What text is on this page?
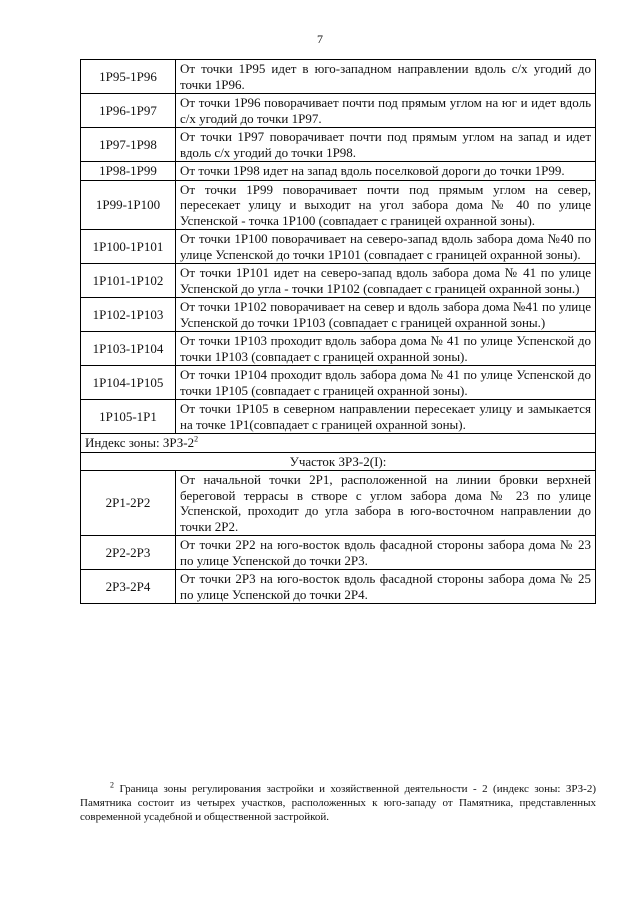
7
1Р95-1Р96	От точки 1Р95 идет в юго-западном направлении вдоль с/х угодий до точки 1Р96.
1Р96-1Р97	От точки 1Р96 поворачивает почти под прямым углом на юг и идет вдоль с/х угодий до точки 1Р97.
1Р97-1Р98	От точки 1Р97 поворачивает почти под прямым углом на запад и идет вдоль с/х угодий до точки 1Р98.
1Р98-1Р99	От точки 1Р98 идет на запад вдоль поселковой дороги до точки 1Р99.
1Р99-1Р100	От точки 1Р99 поворачивает почти под прямым углом на север, пересекает улицу и выходит на угол забора дома № 40 по улице Успенской - точка 1Р100 (совпадает с границей охранной зоны).
1Р100-1Р101	От точки 1Р100 поворачивает на северо-запад вдоль забора дома №40 по улице Успенской до точки 1Р101 (совпадает с границей охранной зоны).
1Р101-1Р102	От точки 1Р101 идет на северо-запад вдоль забора дома № 41 по улице Успенской до угла - точки 1Р102 (совпадает с границей охранной зоны.)
1Р102-1Р103	От точки 1Р102 поворачивает на север и вдоль забора дома №41 по улице Успенской до точки 1Р103 (совпадает с границей охранной зоны.)
1Р103-1Р104	От точки 1Р103 проходит вдоль забора дома № 41 по улице Успенской до точки 1Р103 (совпадает с границей охранной зоны).
1Р104-1Р105	От точки 1Р104 проходит вдоль забора дома № 41 по улице Успенской до точки 1Р105 (совпадает с границей охранной зоны).
1Р105-1Р1	От точки 1Р105 в северном направлении пересекает улицу и замыкается на точке 1Р1(совпадает с границей охранной зоны).
Индекс зоны: ЗРЗ-$2^2$
Участок ЗРЗ-2(I):	
2Р1-2Р2	От начальной точки 2Р1, расположенной на линии бровки верхней береговой террасы в створе с углом забора дома № 23 по улице Успенской, проходит до угла забора в юго-восточном направлении до точки 2Р2.
2Р2-2Р3	От точки 2Р2 на юго-восток вдоль фасадной стороны забора дома № 23 по улице Успенской до точки 2Р3.
2Р3-2Р4	От точки 2Р3 на юго-восток вдоль фасадной стороны забора дома № 25 по улице Успенской до точки 2Р4.
$^2$ Граница зоны регулирования застройки и хозяйственной деятельности - 2 (индекс зоны: ЗРЗ-2) Памятника состоит из четырех участков, расположенных к юго-западу от Памятника, представленных современной усадебной и общественной застройкой.
